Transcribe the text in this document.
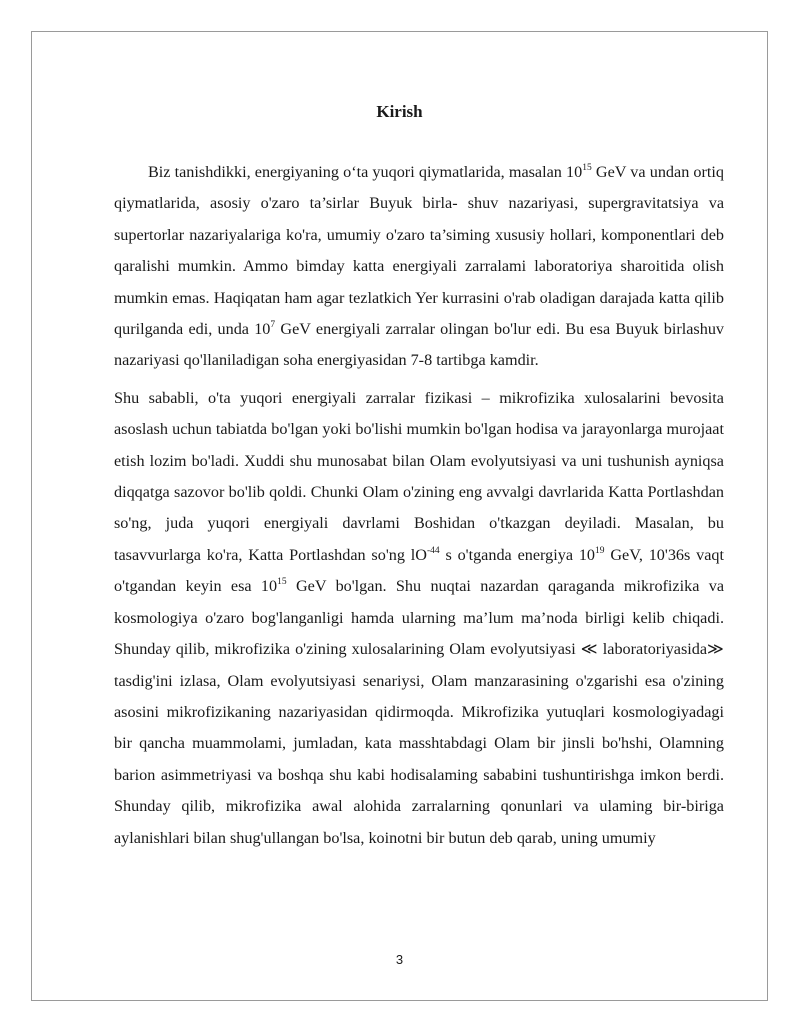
Kirish

Biz tanishdikki, energiyaning o‘ta yuqori qiymatlarida, masalan $10^{15}$ GeV va undan ortiq qiymatlarida, asosiy o'zaro ta’sirlar Buyuk birla- shuv nazariyasi, supergravitatsiya va supertorlar nazariyalariga ko'ra, umumiy o'zaro ta’siming xususiy hollari, komponentlari deb qaralishi mumkin. Ammo bimday katta energiyali zarralami laboratoriya sharoitida olish mumkin emas. Haqiqatan ham agar tezlatkich Yer kurrasini o'rab oladigan darajada katta qilib qurilganda edi, unda $10^7$ GeV energiyali zarralar olingan bo'lur edi. Bu esa Buyuk birlashuv nazariyasi qo'llaniladigan soha energiyasidan 7-8 tartibga kamdir.

Shu sababli, o'ta yuqori energiyali zarralar fizikasi – mikrofizika xulosalarini bevosita asoslash uchun tabiatda bo'lgan yoki bo'lishi mumkin bo'lgan hodisa va jarayonlarga murojaat etish lozim bo'ladi. Xuddi shu munosabat bilan Olam evolyutsiyasi va uni tushunish ayniqsa diqqatga sazovor bo'lib qoldi. Chunki Olam o'zining eng avvalgi davrlarida Katta Portlashdan so'ng, juda yuqori energiyali davrlami Boshidan o'tkazgan deyiladi. Masalan, bu tasavvurlarga ko'ra, Katta Portlashdan so'ng $lO^{-44}$ s o'tganda energiya $10^{19}$ GeV, 10'36s vaqt o'tgandan keyin esa $10^{15}$ GeV bo'lgan. Shu nuqtai nazardan qaraganda mikrofizika va kosmologiya o'zaro bog'langanligi hamda ularning ma’lum ma’noda birligi kelib chiqadi. Shunday qilib, mikrofizika o'zining xulosalarining Olam evolyutsiyasi ≪ laboratoriyasida≫ tasdig'ini izlasa, Olam evolyutsiyasi senariysi, Olam manzarasining o'zgarishi esa o'zining asosini mikrofizikaning nazariyasidan qidirmoqda. Mikrofizika yutuqlari kosmologiyadagi bir qancha muammolami, jumladan, kata masshtabdagi Olam bir jinsli bo'hshi, Olamning barion asimmetriyasi va boshqa shu kabi hodisalaming sababini tushuntirishga imkon berdi. Shunday qilib, mikrofizika awal alohida zarralarning qonunlari va ulaming bir-biriga aylanishlari bilan shug'ullangan bo'lsa, koinotni bir butun deb qarab, uning umumiy

3
